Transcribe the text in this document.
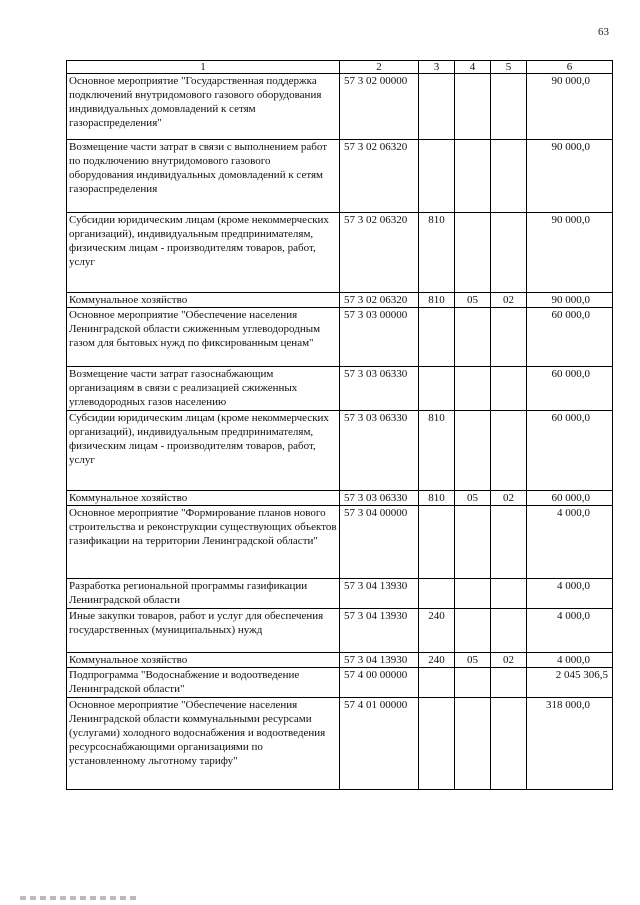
63
1	2	3	4	5	6
Основное мероприятие "Государственная поддержка подключений внутридомового газового оборудования индивидуальных домовладений к сетям газораспределения"	57 3 02 00000				90 000,0
Возмещение части затрат в связи с выполнением работ по подключению внутридомового газового оборудования индивидуальных домовладений к сетям газораспределения	57 3 02 06320				90 000,0
Субсидии юридическим лицам (кроме некоммерческих организаций), индивидуальным предпринимателям, физическим лицам - производителям товаров, работ, услуг	57 3 02 06320	810			90 000,0
Коммунальное хозяйство	57 3 02 06320	810	05	02	90 000,0
Основное мероприятие "Обеспечение населения Ленинградской области сжиженным углеводородным газом для бытовых нужд по фиксированным ценам"	57 3 03 00000				60 000,0
Возмещение части затрат газоснабжающим организациям в связи с реализацией сжиженных углеводородных газов населению	57 3 03 06330				60 000,0
Субсидии юридическим лицам (кроме некоммерческих организаций), индивидуальным предпринимателям, физическим лицам - производителям товаров, работ, услуг	57 3 03 06330	810			60 000,0
Коммунальное хозяйство	57 3 03 06330	810	05	02	60 000,0
Основное мероприятие "Формирование планов нового строительства и реконструкции существующих объектов газификации на территории Ленинградской области"	57 3 04 00000				4 000,0
Разработка региональной программы газификации Ленинградской области	57 3 04 13930				4 000,0
Иные закупки товаров, работ и услуг для обеспечения государственных (муниципальных) нужд	57 3 04 13930	240			4 000,0
Коммунальное хозяйство	57 3 04 13930	240	05	02	4 000,0
Подпрограмма "Водоснабжение и водоотведение Ленинградской области"	57 4 00 00000				2 045 306,5
Основное мероприятие "Обеспечение населения Ленинградской области коммунальными ресурсами (услугами) холодного водоснабжения и водоотведения ресурсоснабжающими организациями по установленному льготному тарифу"	57 4 01 00000				318 000,0
